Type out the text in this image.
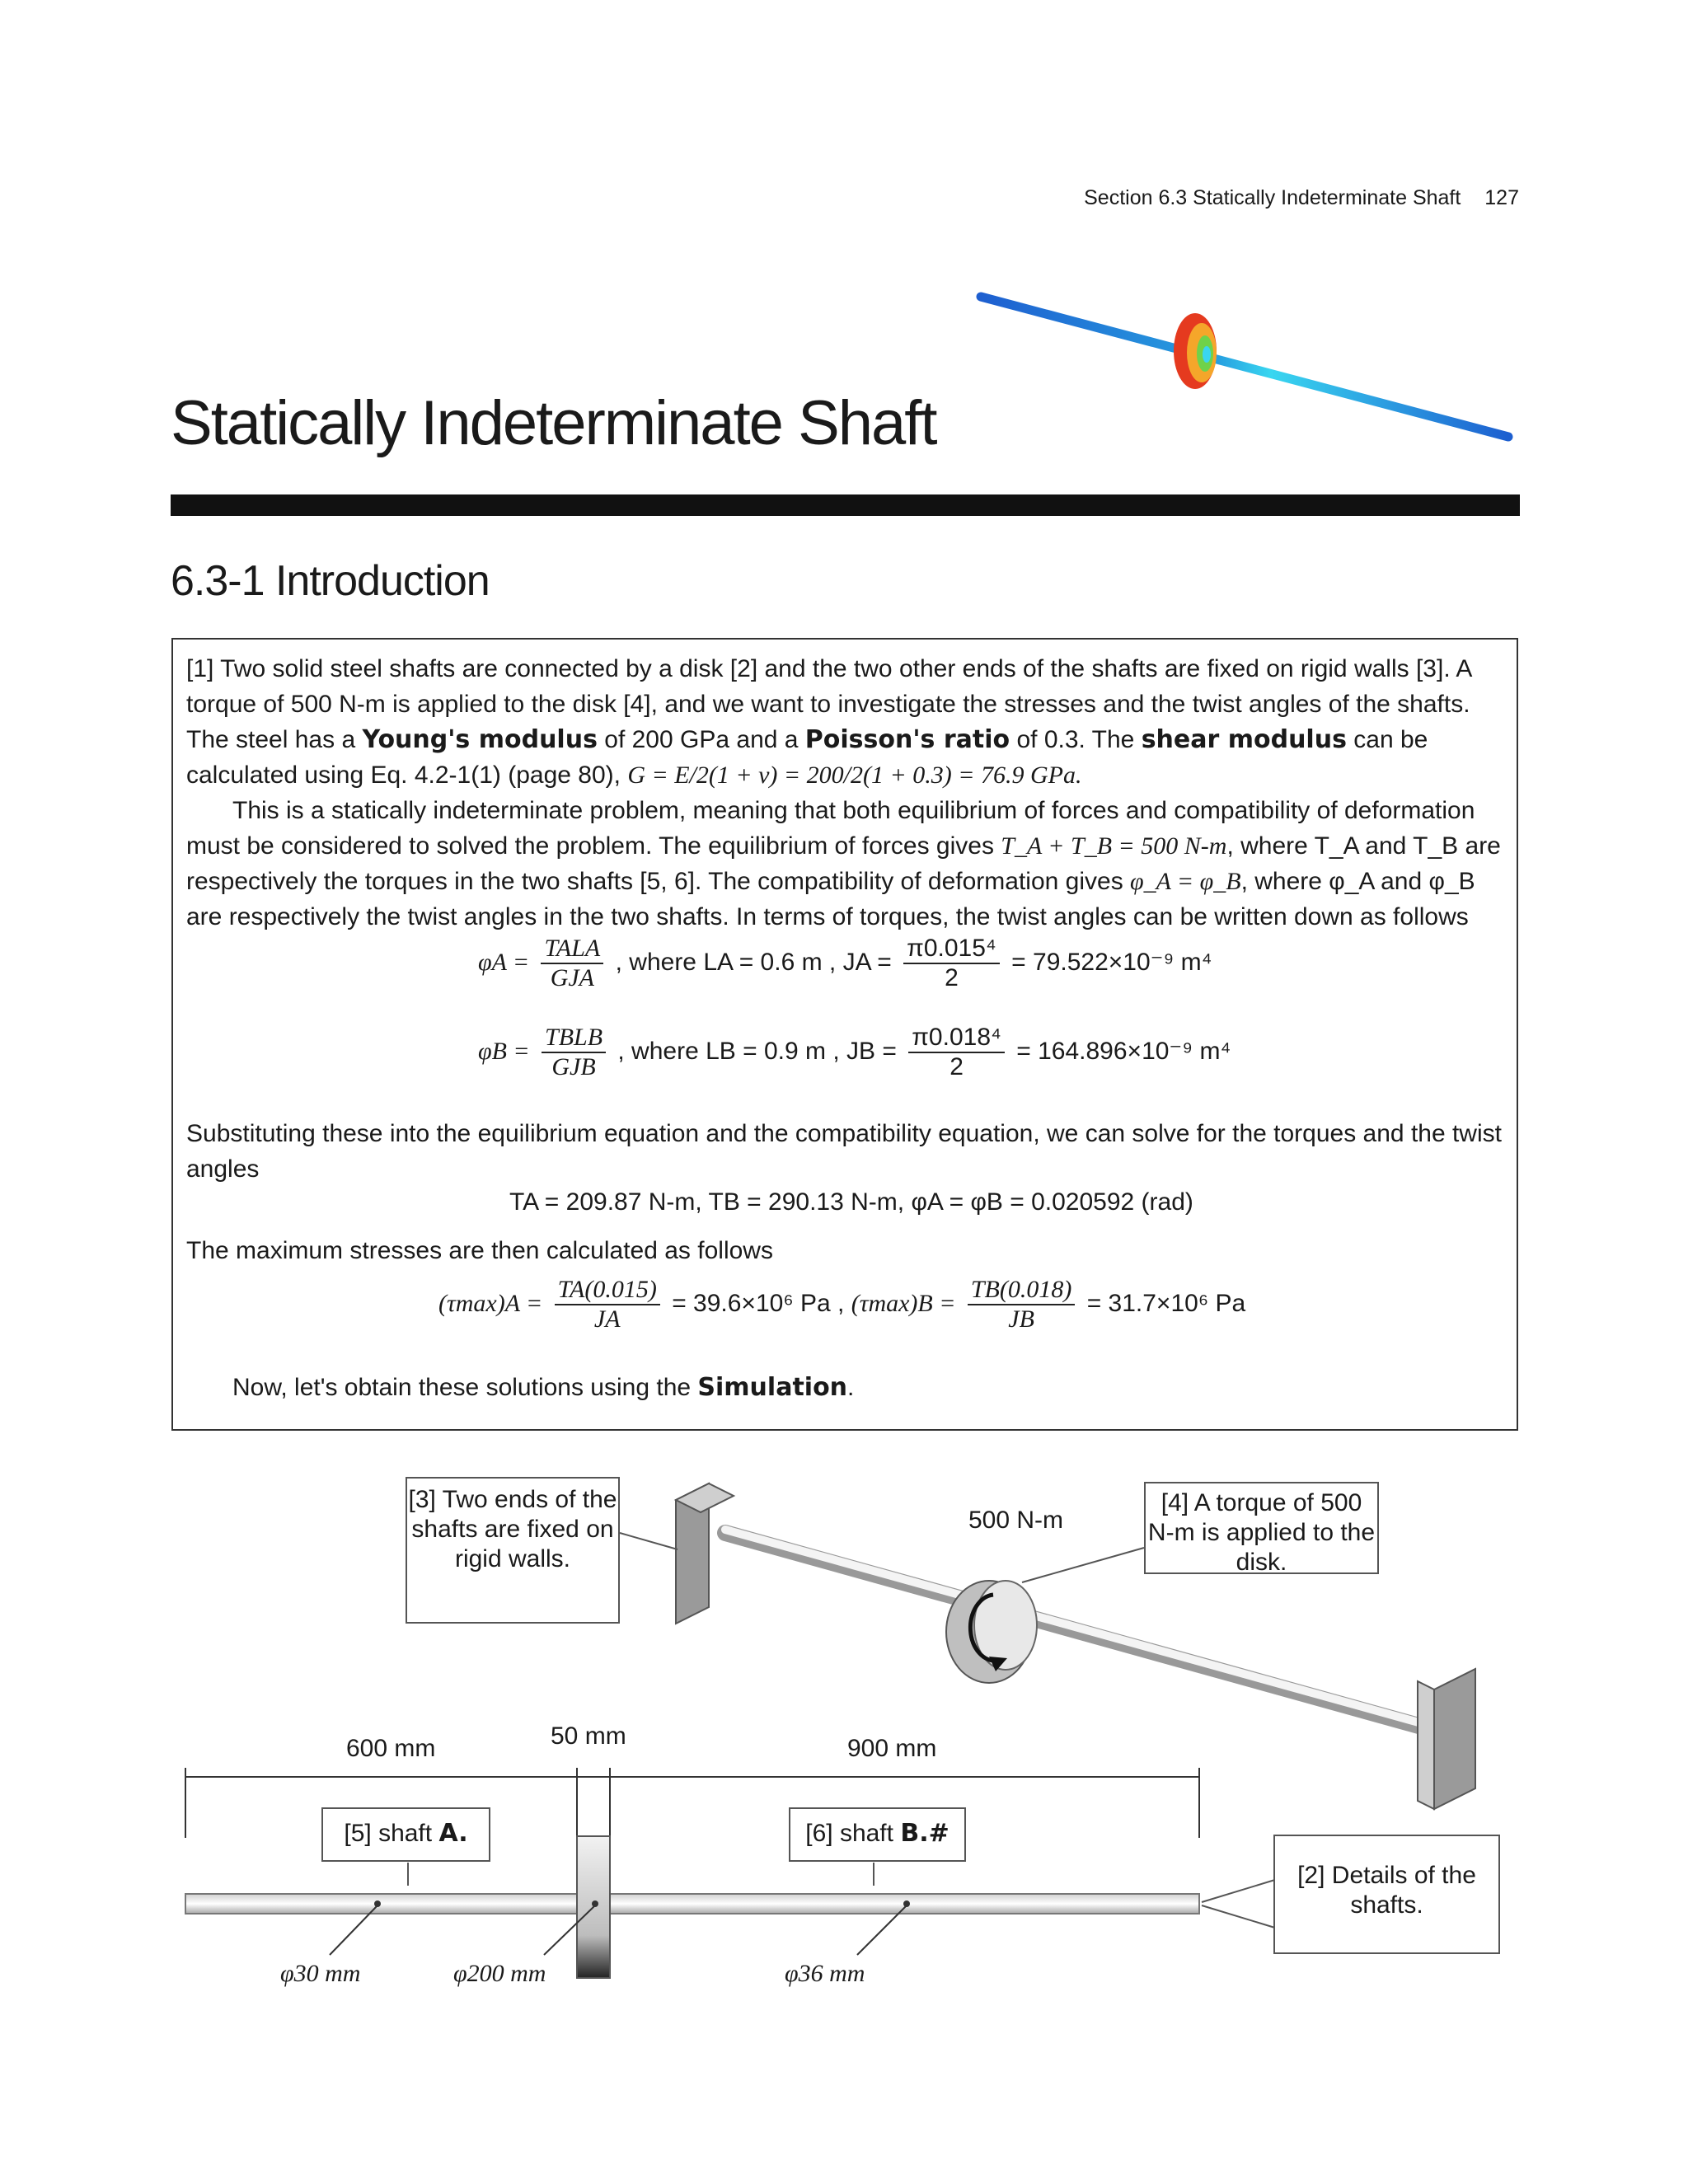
Section 6.3 Statically Indeterminate Shaft 127
Statically Indeterminate Shaft
6.3-1 Introduction
[1] Two solid steel shafts are connected by a disk [2] and the two other ends of the shafts are fixed on rigid walls [3]. A torque of 500 N-m is applied to the disk [4], and we want to investigate the stresses and the twist angles of the shafts. The steel has a Young's modulus of 200 GPa and a Poisson's ratio of 0.3. The shear modulus can be calculated using Eq. 4.2-1(1) (page 80), G = E/2(1 + ν) = 200/2(1 + 0.3) = 76.9 GPa.
This is a statically indeterminate problem, meaning that both equilibrium of forces and compatibility of deformation must be considered to solved the problem. The equilibrium of forces gives T_A + T_B = 500 N-m, where T_A and T_B are respectively the torques in the two shafts [5, 6]. The compatibility of deformation gives φ_A = φ_B, where φ_A and φ_B are respectively the twist angles in the two shafts. In terms of torques, the twist angles can be written down as follows
$\varphi A = \frac{\text{TALA}}{\text{GJA}}$ , where LA = 0.6 m , JA = $\frac{\text{π0.015⁴}}{2} = 79.522\times 10^{-9}$ m⁴
$\varphi B = \frac{\text{TBLB}}{\text{GJB}}$ , where LB = 0.9 m , JB = $\frac{\text{π0.018⁴}}{2} = 164.896\times 10^{-9}$ m⁴
Substituting these into the equilibrium equation and the compatibility equation, we can solve for the torques and the twist angles
TA = 209.87 N-m, TB = 290.13 N-m, φA = φB = 0.020592 (rad)
The maximum stresses are then calculated as follows
$(\tau\max)A = \frac{TA(0.015)}{JA} = 39.6\times 10^6$ Pa , $(\tau\max)B = \frac{TB(0.018)}{JB} = 31.7\times 10^6$ Pa
Now, let's obtain these solutions using the Simulation.
[3] Two ends of the shafts are fixed on rigid walls.
500 N-m
[4] A torque of 500 N-m is applied to the disk.
600 mm	50 mm	900 mm
[5] shaft A.	[6] shaft B.#
[2] Details of the shafts.
φ30 mm	φ200 mm	φ36 mm
